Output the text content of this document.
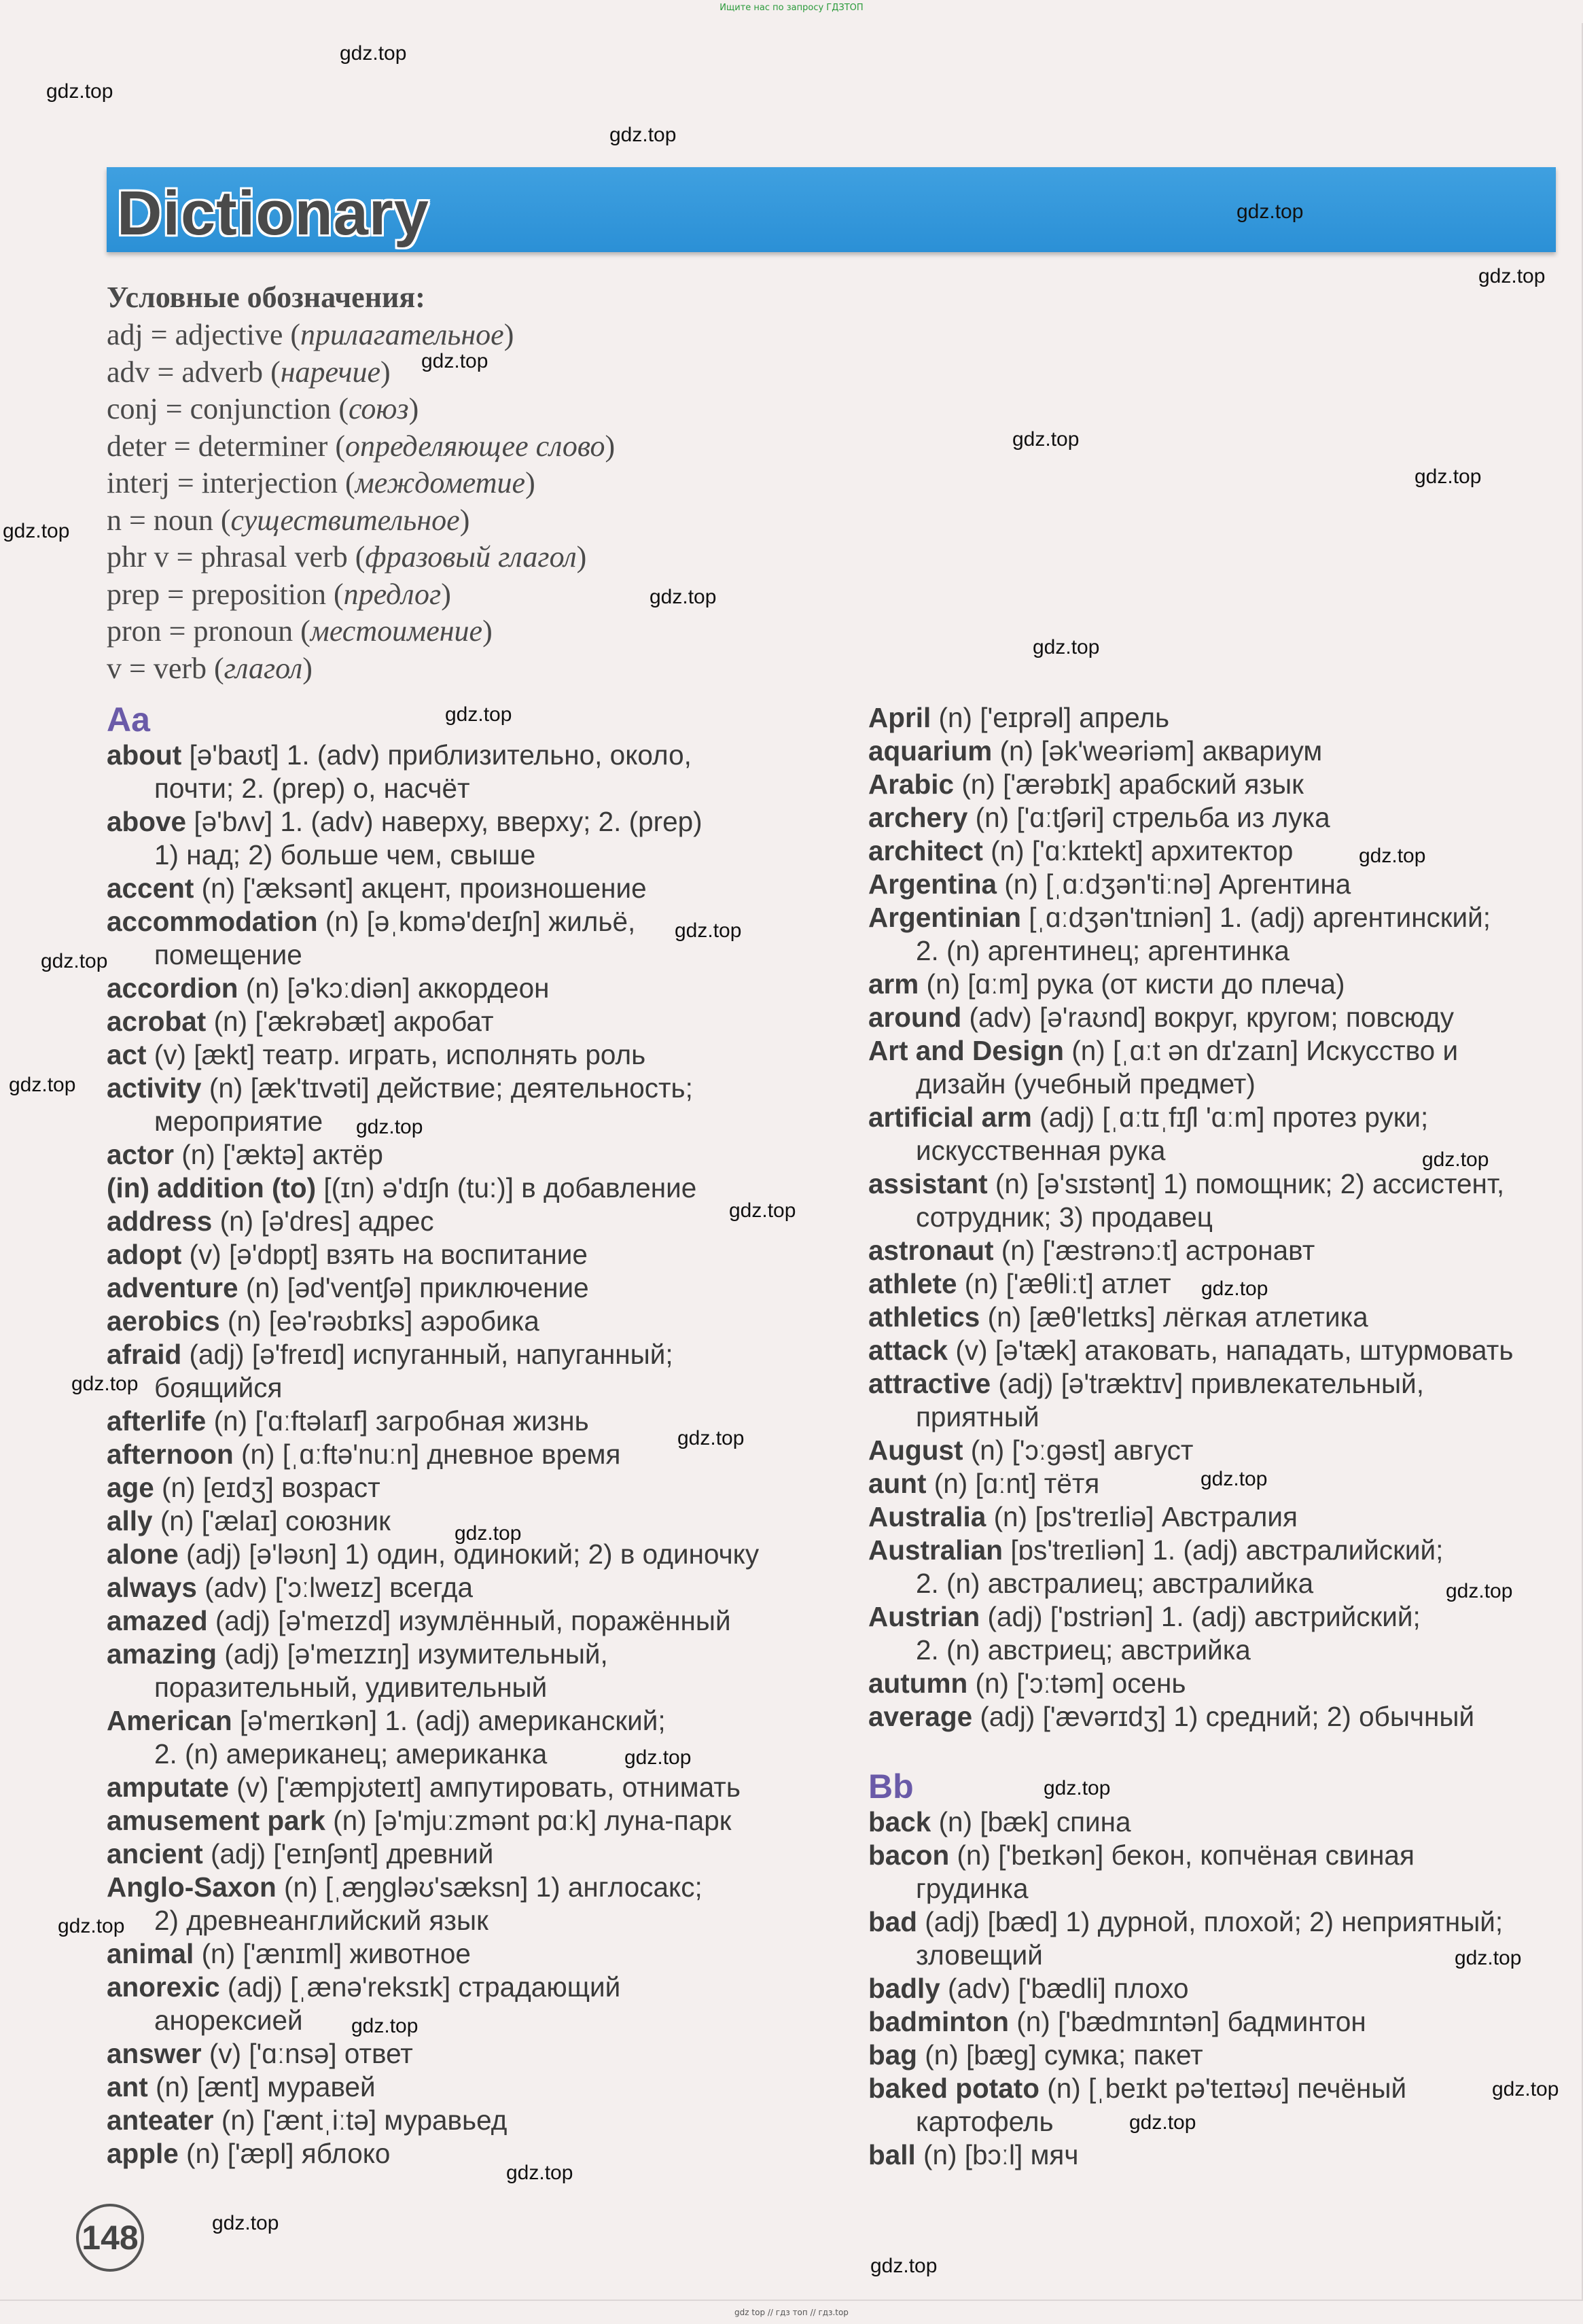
Ищите нас по запросу ГДЗТОП
Dictionary
Условные обозначения:
adj = adjective (прилагательное)
adv = adverb (наречие)
conj = conjunction (союз)
deter = determiner (определяющее слово)
interj = interjection (междометие)
n = noun (существительное)
phr v = phrasal verb (фразовый глагол)
prep = preposition (предлог)
pron = pronoun (местоимение)
v = verb (глагол)
Aa
about [ə'baʊt] 1. (adv) приблизительно, около,
почти; 2. (prep) о, насчёт
above [ə'bʌv] 1. (adv) наверху, вверху; 2. (prep)
1) над; 2) больше чем, свыше
accent (n) ['æksənt] акцент, произношение
accommodation (n) [əˌkɒmə'deɪʃn] жильё,
помещение
accordion (n) [ə'kɔːdiən] аккордеон
acrobat (n) ['ækrəbæt] акробат
act (v) [ækt] театр. играть, исполнять роль
activity (n) [æk'tɪvəti] действие; деятельность;
мероприятие
actor (n) ['æktə] актёр
(in) addition (to) [(ɪn) ə'dɪʃn (tu:)] в добавление
address (n) [ə'dres] адрес
adopt (v) [ə'dɒpt] взять на воспитание
adventure (n) [əd'ventʃə] приключение
aerobics (n) [eə'rəʊbɪks] аэробика
afraid (adj) [ə'freɪd] испуганный, напуганный;
боящийся
afterlife (n) ['ɑːftəlaɪf] загробная жизнь
afternoon (n) [ˌɑːftə'nuːn] дневное время
age (n) [eɪdʒ] возраст
ally (n) ['ælaɪ] союзник
alone (adj) [ə'ləʊn] 1) один, одинокий; 2) в одиночку
always (adv) ['ɔːlweɪz] всегда
amazed (adj) [ə'meɪzd] изумлённый, поражённый
amazing (adj) [ə'meɪzɪŋ] изумительный,
поразительный, удивительный
American [ə'merɪkən] 1. (adj) американский;
2. (n) американец; американка
amputate (v) ['æmpjʊteɪt] ампутировать, отнимать
amusement park (n) [ə'mjuːzmənt pɑːk] луна-парк
ancient (adj) ['eɪnʃənt] древний
Anglo-Saxon (n) [ˌæŋgləʊ'sæksn] 1) англосакс;
2) древнеанглийский язык
animal (n) ['ænɪml] животное
anorexic (adj) [ˌænə'reksɪk] страдающий
анорексией
answer (v) ['ɑːnsə] ответ
ant (n) [ænt] муравей
anteater (n) ['æntˌiːtə] муравьед
apple (n) ['æpl] яблоко
April (n) ['eɪprəl] апрель
aquarium (n) [ək'weəriəm] аквариум
Arabic (n) ['ærəbɪk] арабский язык
archery (n) ['ɑːtʃəri] стрельба из лука
architect (n) ['ɑːkɪtekt] архитектор
Argentina (n) [ˌɑːdʒən'tiːnə] Аргентина
Argentinian [ˌɑːdʒən'tɪniən] 1. (adj) аргентинский;
2. (n) аргентинец; аргентинка
arm (n) [ɑːm] рука (от кисти до плеча)
around (adv) [ə'raʊnd] вокруг, кругом; повсюду
Art and Design (n) [ˌɑːt ən dɪ'zaɪn] Искусство и
дизайн (учебный предмет)
artificial arm (adj) [ˌɑːtɪˌfɪʃl 'ɑːm] протез руки;
искусственная рука
assistant (n) [ə'sɪstənt] 1) помощник; 2) ассистент,
сотрудник; 3) продавец
astronaut (n) ['æstrənɔːt] астронавт
athlete (n) ['æθliːt] атлет
athletics (n) [æθ'letɪks] лёгкая атлетика
attack (v) [ə'tæk] атаковать, нападать, штурмовать
attractive (adj) [ə'træktɪv] привлекательный,
приятный
August (n) ['ɔːgəst] август
aunt (n) [ɑːnt] тётя
Australia (n) [ɒs'treɪliə] Австралия
Australian [ɒs'treɪliən] 1. (adj) австралийский;
2. (n) австралиец; австралийка
Austrian (adj) ['ɒstriən] 1. (adj) австрийский;
2. (n) австриец; австрийка
autumn (n) ['ɔːtəm] осень
average (adj) ['ævərɪdʒ] 1) средний; 2) обычный
Bb
back (n) [bæk] спина
bacon (n) ['beɪkən] бекон, копчёная свиная
грудинка
bad (adj) [bæd] 1) дурной, плохой; 2) неприятный;
зловещий
badly (adv) ['bædli] плохо
badminton (n) ['bædmɪntən] бадминтон
bag (n) [bæg] сумка; пакет
baked potato (n) [ˌbeɪkt pə'teɪtəʊ] печёный
картофель
ball (n) [bɔːl] мяч
148
gdz.top
gdz.top
gdz.top
gdz.top
gdz.top
gdz.top
gdz.top
gdz.top
gdz.top
gdz.top
gdz.top
gdz.top
gdz.top
gdz.top
gdz.top
gdz.top
gdz.top
gdz.top
gdz.top
gdz.top
gdz.top
gdz.top
gdz.top
gdz.top
gdz.top
gdz.top
gdz.top
gdz.top
gdz.top
gdz.top
gdz.top
gdz.top
gdz.top
gdz.top
gdz.top
gdz top // гдз топ // гдз.top
